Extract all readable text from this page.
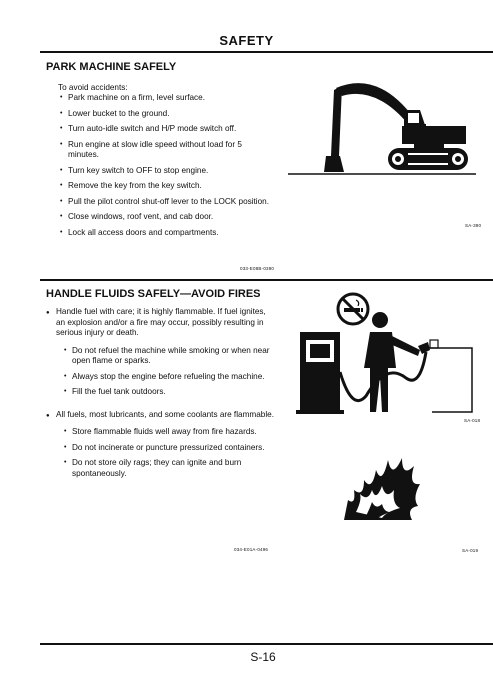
SAFETY
PARK MACHINE SAFELY
To avoid accidents:
• Park machine on a firm, level surface.
• Lower bucket to the ground.
• Turn auto-idle switch and H/P mode switch off.
• Run engine at slow idle speed without load for 5 minutes.
• Turn key switch to OFF to stop engine.
• Remove the key from the key switch.
• Pull the pilot control shut-off lever to the LOCK position.
• Close windows, roof vent, and cab door.
• Lock all access doors and compartments.
SA-390
033-E08B-0390
HANDLE FLUIDS SAFELY—AVOID FIRES
● Handle fuel with care; it is highly flammable. If fuel ignites, an explosion and/or a fire may occur, possibly resulting in serious injury or death.
• Do not refuel the machine while smoking or when near open flame or sparks.
• Always stop the engine before refueling the machine.
• Fill the fuel tank outdoors.
● All fuels, most lubricants, and some coolants are flammable.
• Store flammable fluids well away from fire hazards.
• Do not incinerate or puncture pressurized containers.
• Do not store oily rags; they can ignite and burn spontaneously.
SA-018
SA-019
034-E01A-0496
S-16
